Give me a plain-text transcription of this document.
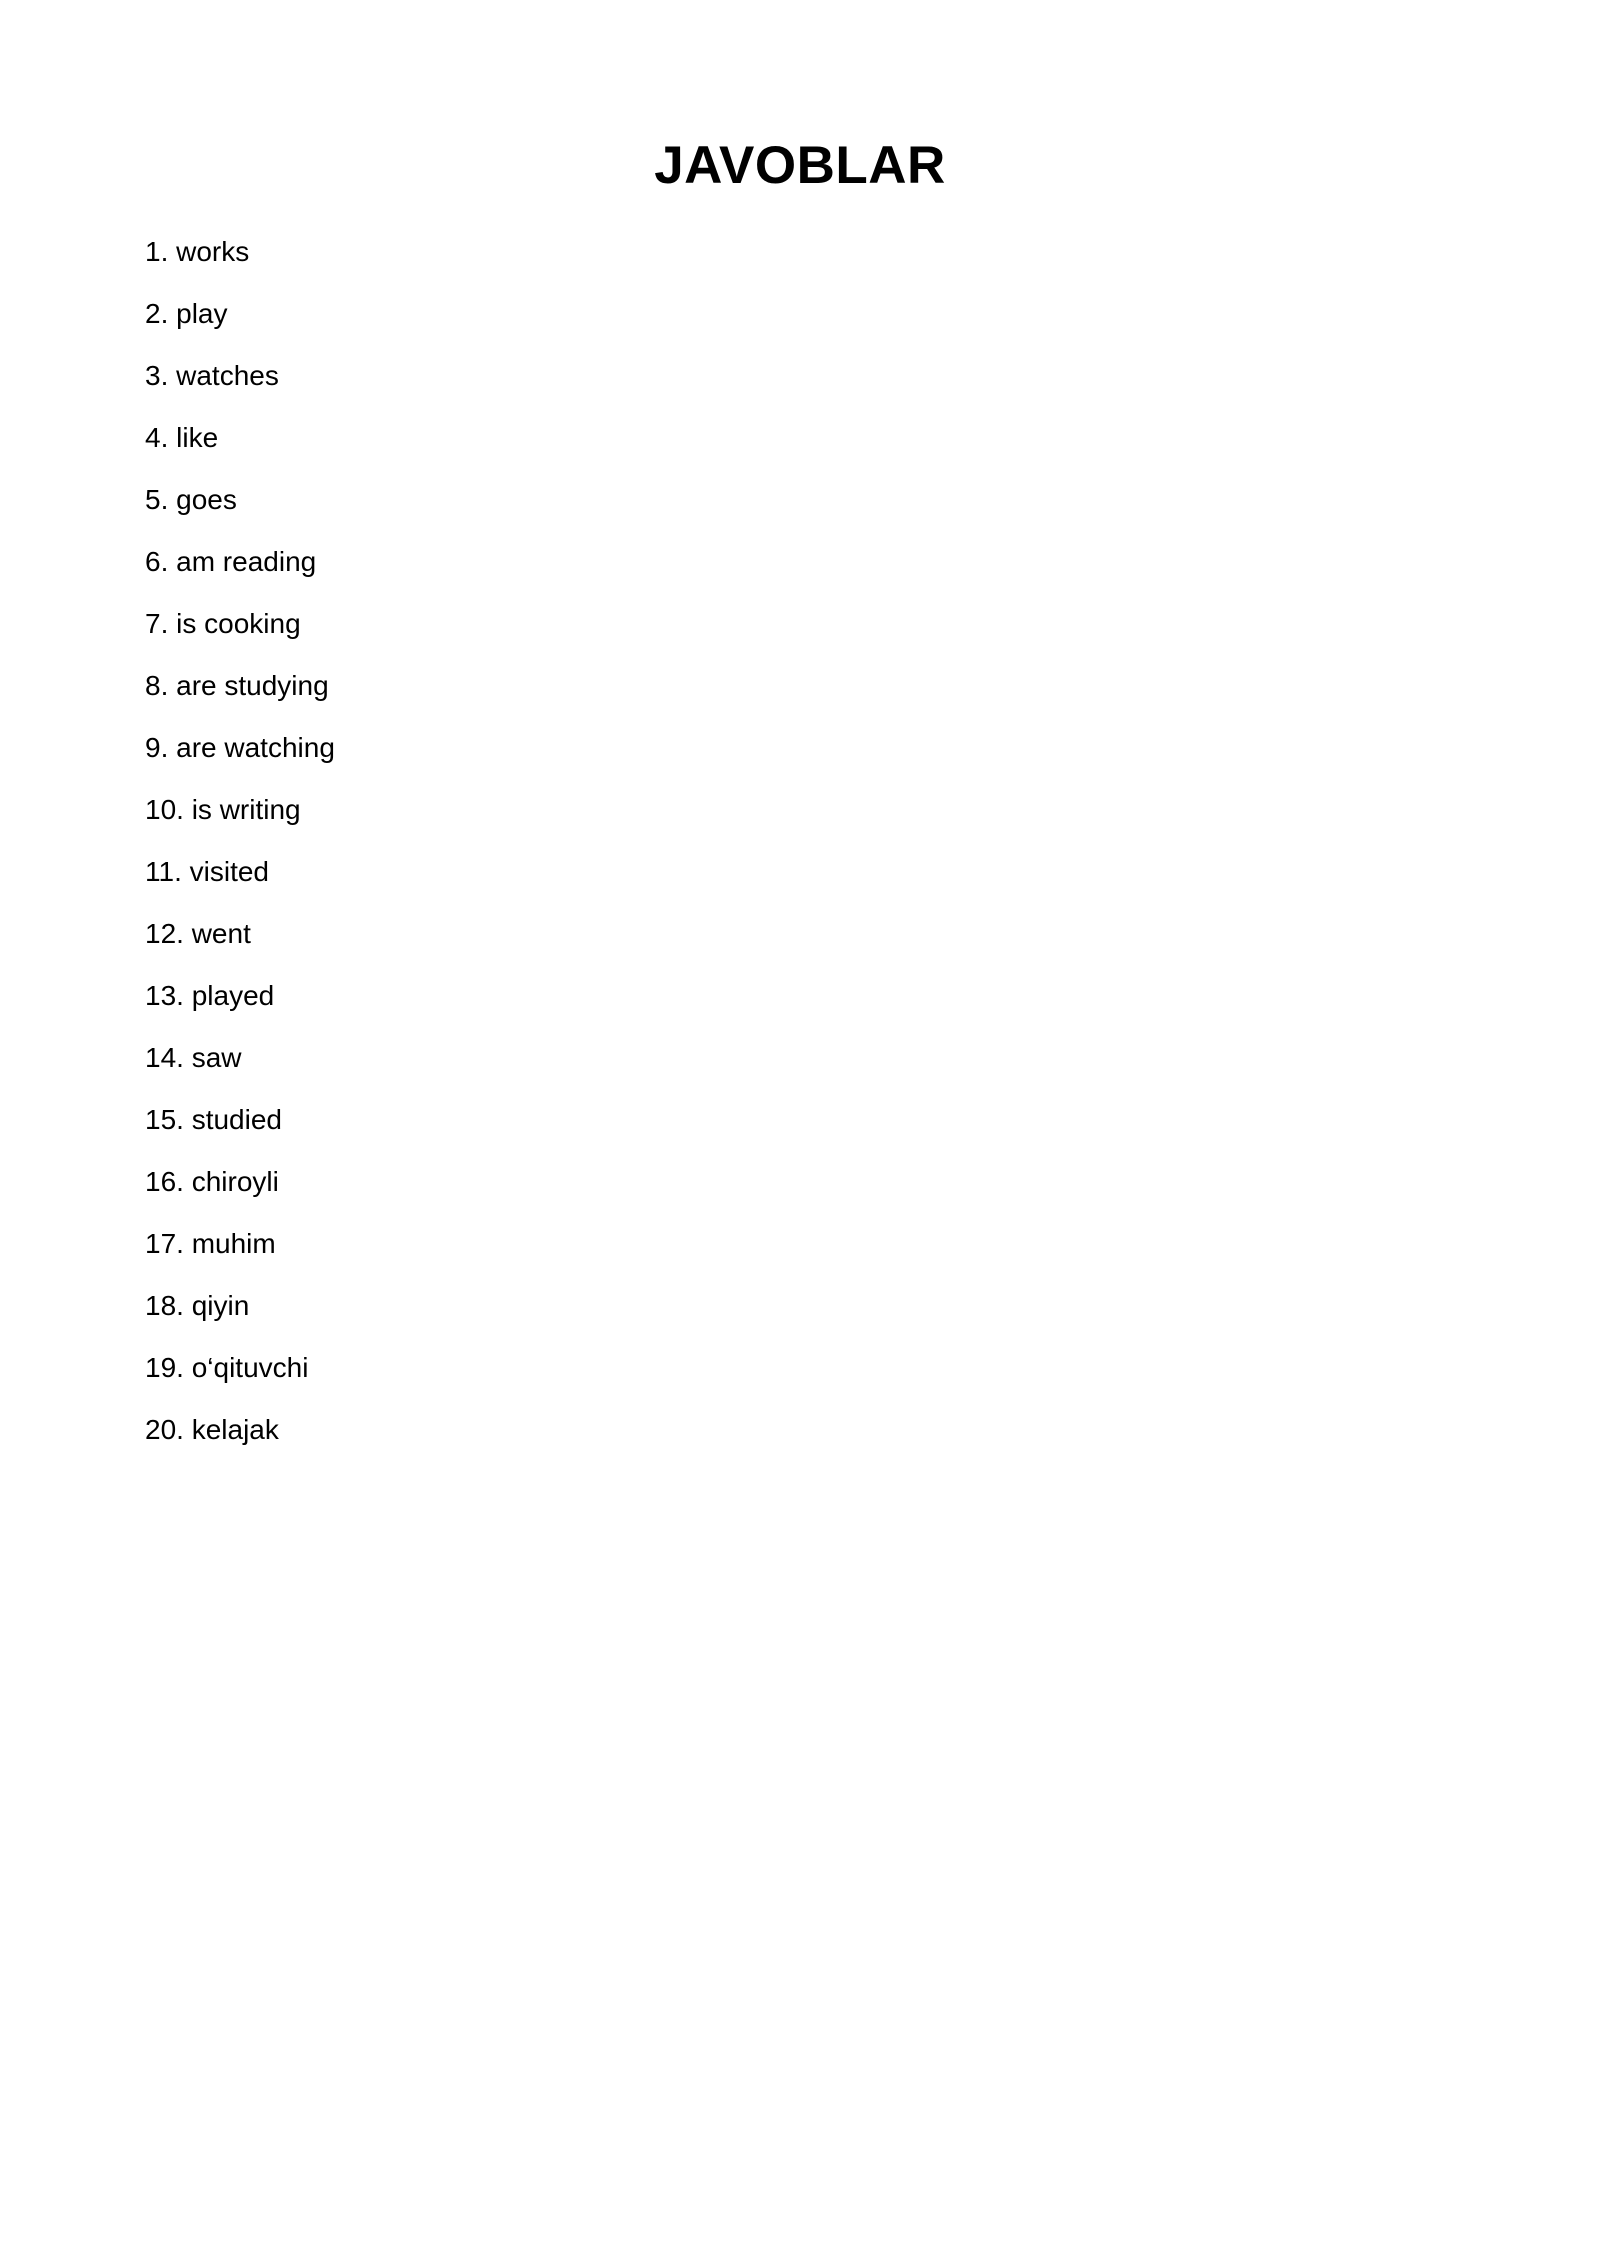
JAVOBLAR
1. works
2. play
3. watches
4. like
5. goes
6. am reading
7. is cooking
8. are studying
9. are watching
10. is writing
11. visited
12. went
13. played
14. saw
15. studied
16. chiroyli
17. muhim
18. qiyin
19. o‘qituvchi
20. kelajak
